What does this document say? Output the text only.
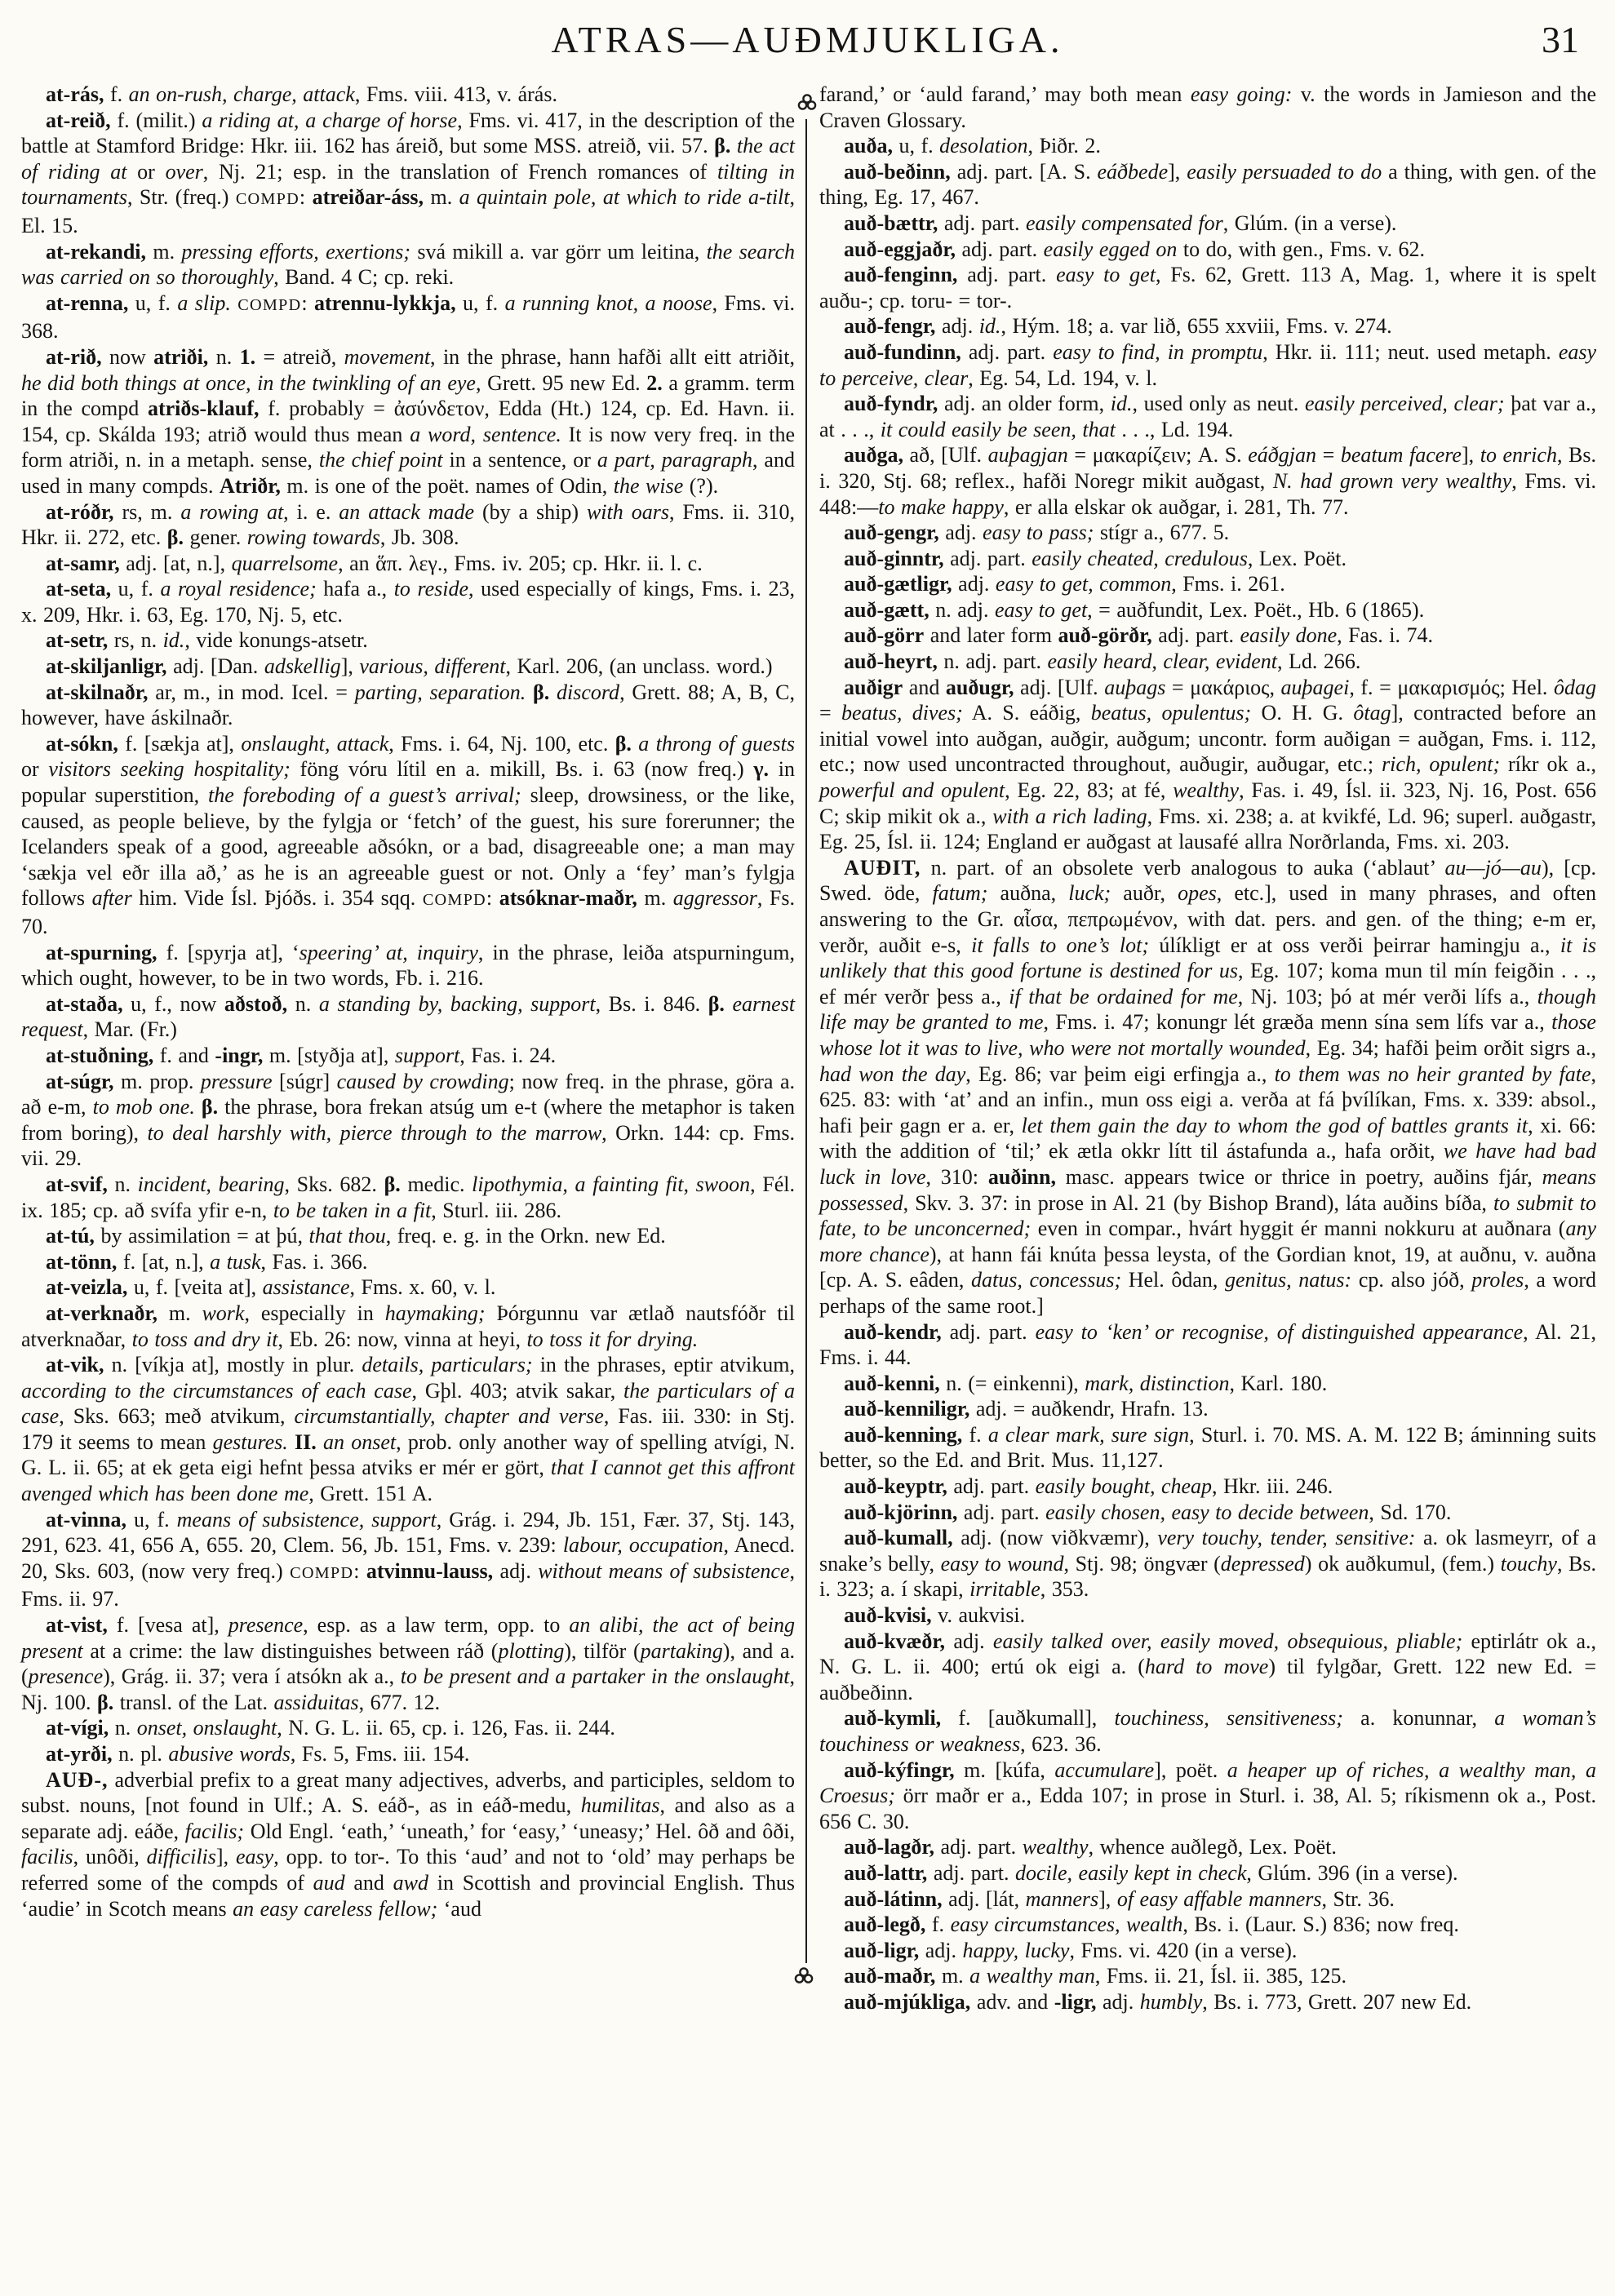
ATRAS—AUÐMJUKLIGA.	31

at-rás, f. an on-rush, charge, attack, Fms. viii. 413, v. árás.

at-reið, f. (milit.) a riding at, a charge of horse, Fms. vi. 417, in the description of the battle at Stamford Bridge: Hkr. iii. 162 has áreið, but some MSS. atreið, vii. 57. β. the act of riding at or over, Nj. 21; esp. in the translation of French romances of tilting in tournaments, Str. (freq.) COMPD: atreiðar-áss, m. a quintain pole, at which to ride a-tilt, El. 15.

at-rekandi, m. pressing efforts, exertions; svá mikill a. var görr um leitina, the search was carried on so thoroughly, Band. 4 C; cp. reki.

at-renna, u, f. a slip. COMPD: atrennu-lykkja, u, f. a running knot, a noose, Fms. vi. 368.

at-rið, now atriði, n. 1. = atreið, movement, in the phrase, hann hafði allt eitt atriðit, he did both things at once, in the twinkling of an eye, Grett. 95 new Ed. 2. a gramm. term in the compd atriðs-klauf, f. probably = ἀσύνδετον, Edda (Ht.) 124, cp. Ed. Havn. ii. 154, cp. Skálda 193; atrið would thus mean a word, sentence. It is now very freq. in the form atriði, n. in a metaph. sense, the chief point in a sentence, or a part, paragraph, and used in many compds. Atriðr, m. is one of the poët. names of Odin, the wise (?).

at-róðr, rs, m. a rowing at, i. e. an attack made (by a ship) with oars, Fms. ii. 310, Hkr. ii. 272, etc. β. gener. rowing towards, Jb. 308.

at-samr, adj. [at, n.], quarrelsome, an ἅπ. λεγ., Fms. iv. 205; cp. Hkr. ii. l. c.

at-seta, u, f. a royal residence; hafa a., to reside, used especially of kings, Fms. i. 23, x. 209, Hkr. i. 63, Eg. 170, Nj. 5, etc.

at-setr, rs, n. id., vide konungs-atsetr.

at-skiljanligr, adj. [Dan. adskellig], various, different, Karl. 206, (an unclass. word.)

at-skilnaðr, ar, m., in mod. Icel. = parting, separation. β. discord, Grett. 88; A, B, C, however, have áskilnaðr.

at-sókn, f. [sækja at], onslaught, attack, Fms. i. 64, Nj. 100, etc. β. a throng of guests or visitors seeking hospitality; föng vóru lítil en a. mikill, Bs. i. 63 (now freq.) γ. in popular superstition, the foreboding of a guest’s arrival; sleep, drowsiness, or the like, caused, as people believe, by the fylgja or ‘fetch’ of the guest, his sure forerunner; the Icelanders speak of a good, agreeable aðsókn, or a bad, disagreeable one; a man may ‘sækja vel eðr illa að,’ as he is an agreeable guest or not. Only a ‘fey’ man’s fylgja follows after him. Vide Ísl. Þjóðs. i. 354 sqq. COMPD: atsóknar-maðr, m. aggressor, Fs. 70.

at-spurning, f. [spyrja at], ‘speering’ at, inquiry, in the phrase, leiða atspurningum, which ought, however, to be in two words, Fb. i. 216.

at-staða, u, f., now aðstoð, n. a standing by, backing, support, Bs. i. 846. β. earnest request, Mar. (Fr.)

at-stuðning, f. and -ingr, m. [styðja at], support, Fas. i. 24.

at-súgr, m. prop. pressure [súgr] caused by crowding; now freq. in the phrase, göra a. að e-m, to mob one. β. the phrase, bora frekan atsúg um e-t (where the metaphor is taken from boring), to deal harshly with, pierce through to the marrow, Orkn. 144: cp. Fms. vii. 29.

at-svif, n. incident, bearing, Sks. 682. β. medic. lipothymia, a fainting fit, swoon, Fél. ix. 185; cp. að svífa yfir e-n, to be taken in a fit, Sturl. iii. 286.

at-tú, by assimilation = at þú, that thou, freq. e. g. in the Orkn. new Ed.

at-tönn, f. [at, n.], a tusk, Fas. i. 366.

at-veizla, u, f. [veita at], assistance, Fms. x. 60, v. l.

at-verknaðr, m. work, especially in haymaking; Þórgunnu var ætlað nautsfóðr til atverknaðar, to toss and dry it, Eb. 26: now, vinna at heyi, to toss it for drying.

at-vik, n. [víkja at], mostly in plur. details, particulars; in the phrases, eptir atvikum, according to the circumstances of each case, Gþl. 403; atvik sakar, the particulars of a case, Sks. 663; með atvikum, circumstantially, chapter and verse, Fas. iii. 330: in Stj. 179 it seems to mean gestures. II. an onset, prob. only another way of spelling atvígi, N. G. L. ii. 65; at ek geta eigi hefnt þessa atviks er mér er gört, that I cannot get this affront avenged which has been done me, Grett. 151 A.

at-vinna, u, f. means of subsistence, support, Grág. i. 294, Jb. 151, Fær. 37, Stj. 143, 291, 623. 41, 656 A, 655. 20, Clem. 56, Jb. 151, Fms. v. 239: labour, occupation, Anecd. 20, Sks. 603, (now very freq.) COMPD: atvinnu-lauss, adj. without means of subsistence, Fms. ii. 97.

at-vist, f. [vesa at], presence, esp. as a law term, opp. to an alibi, the act of being present at a crime: the law distinguishes between ráð (plotting), tilför (partaking), and a. (presence), Grág. ii. 37; vera í atsókn ak a., to be present and a partaker in the onslaught, Nj. 100. β. transl. of the Lat. assiduitas, 677. 12.

at-vígi, n. onset, onslaught, N. G. L. ii. 65, cp. i. 126, Fas. ii. 244.

at-yrði, n. pl. abusive words, Fs. 5, Fms. iii. 154.

AUÐ-, adverbial prefix to a great many adjectives, adverbs, and participles, seldom to subst. nouns, [not found in Ulf.; A. S. eáð-, as in eáð-medu, humilitas, and also as a separate adj. eáðe, facilis; Old Engl. ‘eath,’ ‘uneath,’ for ‘easy,’ ‘uneasy;’ Hel. ôð and ôði, facilis, unôði, difficilis], easy, opp. to tor-. To this ‘aud’ and not to ‘old’ may perhaps be referred some of the compds of aud and awd in Scottish and provincial English. Thus ‘audie’ in Scotch means an easy careless fellow; ‘aud

farand,’ or ‘auld farand,’ may both mean easy going: v. the words in Jamieson and the Craven Glossary.

auða, u, f. desolation, Þiðr. 2.

auð-beðinn, adj. part. [A. S. eáðbede], easily persuaded to do a thing, with gen. of the thing, Eg. 17, 467.

auð-bættr, adj. part. easily compensated for, Glúm. (in a verse).

auð-eggjaðr, adj. part. easily egged on to do, with gen., Fms. v. 62.

auð-fenginn, adj. part. easy to get, Fs. 62, Grett. 113 A, Mag. 1, where it is spelt auðu-; cp. toru- = tor-.

auð-fengr, adj. id., Hým. 18; a. var lið, 655 xxviii, Fms. v. 274.

auð-fundinn, adj. part. easy to find, in promptu, Hkr. ii. 111; neut. used metaph. easy to perceive, clear, Eg. 54, Ld. 194, v. l.

auð-fyndr, adj. an older form, id., used only as neut. easily perceived, clear; þat var a., at . . ., it could easily be seen, that . . ., Ld. 194.

auðga, að, [Ulf. auþagjan = μακαρίζειν; A. S. eáðgjan = beatum facere], to enrich, Bs. i. 320, Stj. 68; reflex., hafði Noregr mikit auðgast, N. had grown very wealthy, Fms. vi. 448:—to make happy, er alla elskar ok auðgar, i. 281, Th. 77.

auð-gengr, adj. easy to pass; stígr a., 677. 5.

auð-ginntr, adj. part. easily cheated, credulous, Lex. Poët.

auð-gætligr, adj. easy to get, common, Fms. i. 261.

auð-gætt, n. adj. easy to get, = auðfundit, Lex. Poët., Hb. 6 (1865).

auð-görr and later form auð-görðr, adj. part. easily done, Fas. i. 74.

auð-heyrt, n. adj. part. easily heard, clear, evident, Ld. 266.

auðigr and auðugr, adj. [Ulf. auþags = μακάριος, auþagei, f. = μακαρισμός; Hel. ôdag = beatus, dives; A. S. eáðig, beatus, opulentus; O. H. G. ôtag], contracted before an initial vowel into auðgan, auðgir, auðgum; uncontr. form auðigan = auðgan, Fms. i. 112, etc.; now used uncontracted throughout, auðugir, auðugar, etc.; rich, opulent; ríkr ok a., powerful and opulent, Eg. 22, 83; at fé, wealthy, Fas. i. 49, Ísl. ii. 323, Nj. 16, Post. 656 C; skip mikit ok a., with a rich lading, Fms. xi. 238; a. at kvikfé, Ld. 96; superl. auðgastr, Eg. 25, Ísl. ii. 124; England er auðgast at lausafé allra Norðrlanda, Fms. xi. 203.

AUÐIT, n. part. of an obsolete verb analogous to auka (‘ablaut’ au—jó—au), [cp. Swed. öde, fatum; auðna, luck; auðr, opes, etc.], used in many phrases, and often answering to the Gr. αἶσα, πεπρωμένον, with dat. pers. and gen. of the thing; e-m er, verðr, auðit e-s, it falls to one’s lot; úlíkligt er at oss verði þeirrar hamingju a., it is unlikely that this good fortune is destined for us, Eg. 107; koma mun til mín feigðin . . ., ef mér verðr þess a., if that be ordained for me, Nj. 103; þó at mér verði lífs a., though life may be granted to me, Fms. i. 47; konungr lét græða menn sína sem lífs var a., those whose lot it was to live, who were not mortally wounded, Eg. 34; hafði þeim orðit sigrs a., had won the day, Eg. 86; var þeim eigi erfingja a., to them was no heir granted by fate, 625. 83: with ‘at’ and an infin., mun oss eigi a. verða at fá þvílíkan, Fms. x. 339: absol., hafi þeir gagn er a. er, let them gain the day to whom the god of battles grants it, xi. 66: with the addition of ‘til;’ ek ætla okkr lítt til ástafunda a., hafa orðit, we have had bad luck in love, 310: auðinn, masc. appears twice or thrice in poetry, auðins fjár, means possessed, Skv. 3. 37: in prose in Al. 21 (by Bishop Brand), láta auðins bíða, to submit to fate, to be unconcerned; even in compar., hvárt hyggit ér manni nokkuru at auðnara (any more chance), at hann fái knúta þessa leysta, of the Gordian knot, 19, at auðnu, v. auðna [cp. A. S. eâden, datus, concessus; Hel. ôdan, genitus, natus: cp. also jóð, proles, a word perhaps of the same root.]

auð-kendr, adj. part. easy to ‘ken’ or recognise, of distinguished appearance, Al. 21, Fms. i. 44.

auð-kenni, n. (= einkenni), mark, distinction, Karl. 180.

auð-kenniligr, adj. = auðkendr, Hrafn. 13.

auð-kenning, f. a clear mark, sure sign, Sturl. i. 70. MS. A. M. 122 B; áminning suits better, so the Ed. and Brit. Mus. 11,127.

auð-keyptr, adj. part. easily bought, cheap, Hkr. iii. 246.

auð-kjörinn, adj. part. easily chosen, easy to decide between, Sd. 170.

auð-kumall, adj. (now viðkvæmr), very touchy, tender, sensitive: a. ok lasmeyrr, of a snake’s belly, easy to wound, Stj. 98; öngvær (depressed) ok auðkumul, (fem.) touchy, Bs. i. 323; a. í skapi, irritable, 353.

auð-kvisi, v. aukvisi.

auð-kvæðr, adj. easily talked over, easily moved, obsequious, pliable; eptirlátr ok a., N. G. L. ii. 400; ertú ok eigi a. (hard to move) til fylgðar, Grett. 122 new Ed. = auðbeðinn.

auð-kymli, f. [auðkumall], touchiness, sensitiveness; a. konunnar, a woman’s touchiness or weakness, 623. 36.

auð-kýfingr, m. [kúfa, accumulare], poët. a heaper up of riches, a wealthy man, a Croesus; örr maðr er a., Edda 107; in prose in Sturl. i. 38, Al. 5; ríkismenn ok a., Post. 656 C. 30.

auð-lagðr, adj. part. wealthy, whence auðlegð, Lex. Poët.

auð-lattr, adj. part. docile, easily kept in check, Glúm. 396 (in a verse).

auð-látinn, adj. [lát, manners], of easy affable manners, Str. 36.

auð-legð, f. easy circumstances, wealth, Bs. i. (Laur. S.) 836; now freq.

auð-ligr, adj. happy, lucky, Fms. vi. 420 (in a verse).

auð-maðr, m. a wealthy man, Fms. ii. 21, Ísl. ii. 385, 125.

auð-mjúkliga, adv. and -ligr, adj. humbly, Bs. i. 773, Grett. 207 new Ed.
